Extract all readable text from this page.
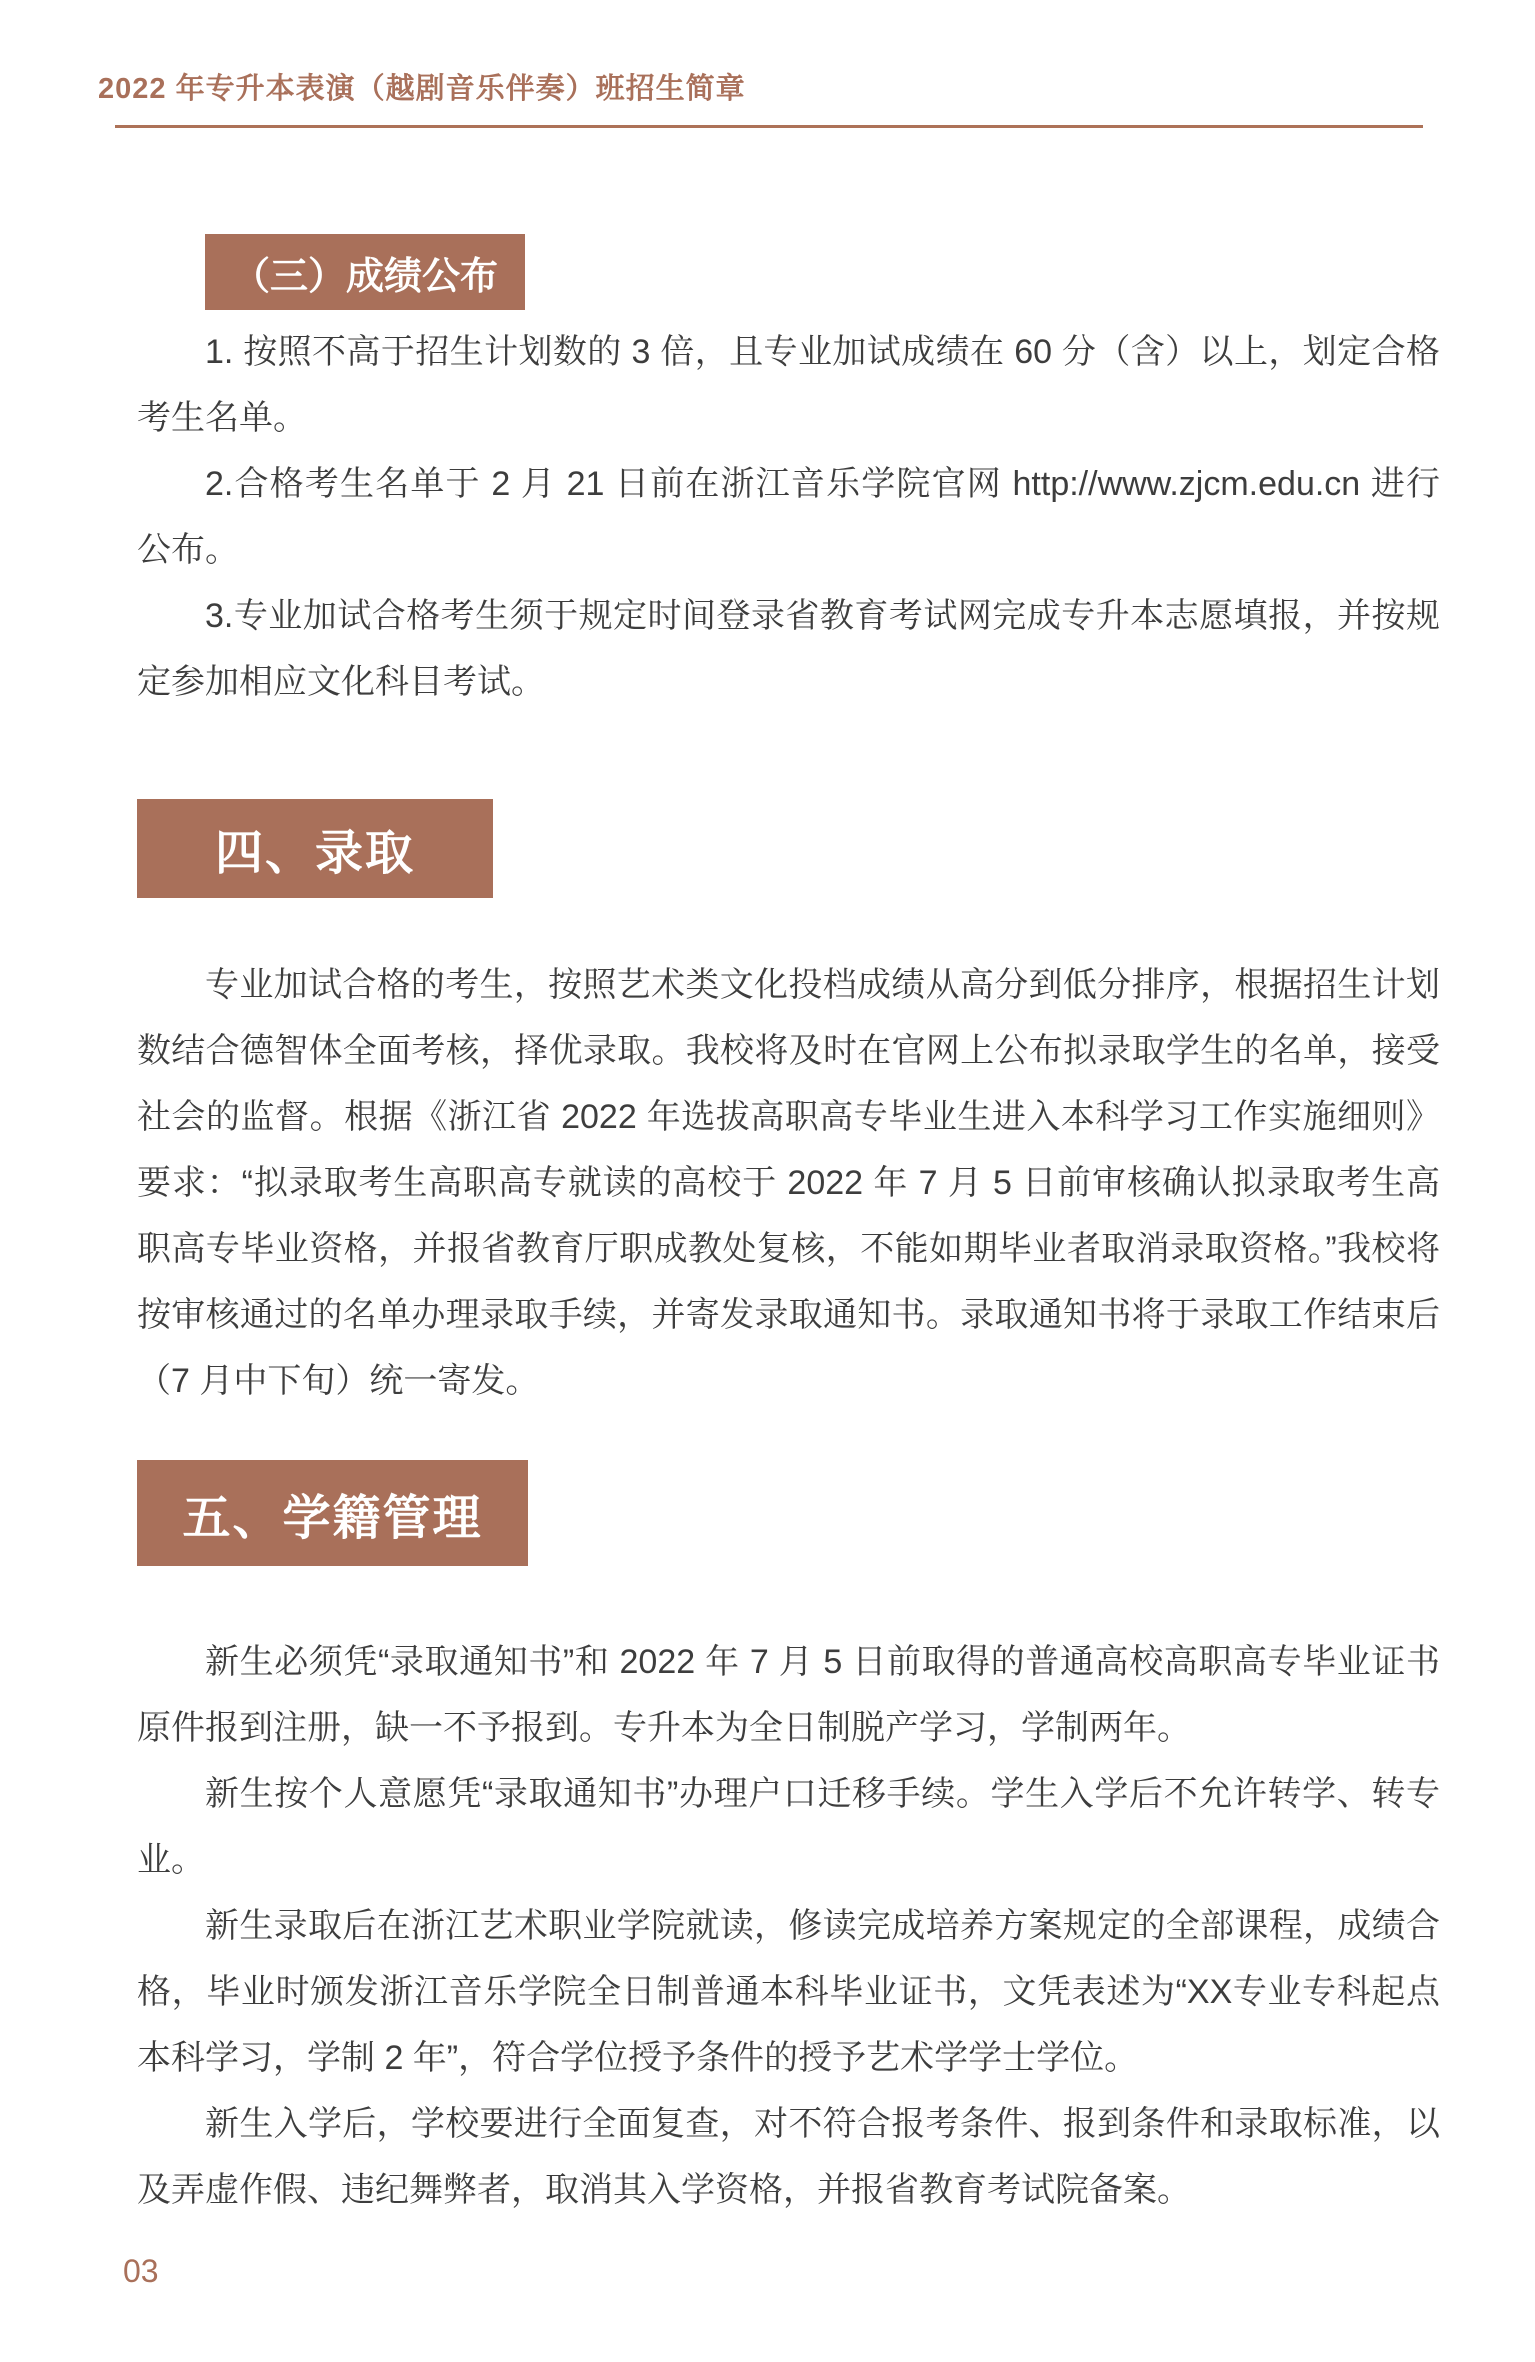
2022 年专升本表演（越剧音乐伴奏）班招生简章
（三）成绩公布

1. 按照不高于招生计划数的 3 倍，且专业加试成绩在 60 分（含）以上，划定合格考生名单。

2.合格考生名单于 2 月 21 日前在浙江音乐学院官网 http://www.zjcm.edu.cn 进行公布。

3.专业加试合格考生须于规定时间登录省教育考试网完成专升本志愿填报，并按规定参加相应文化科目考试。

四、录取

专业加试合格的考生，按照艺术类文化投档成绩从高分到低分排序，根据招生计划数结合德智体全面考核，择优录取。我校将及时在官网上公布拟录取学生的名单，接受社会的监督。根据《浙江省 2022 年选拔高职高专毕业生进入本科学习工作实施细则》要求：“拟录取考生高职高专就读的高校于 2022 年 7 月 5 日前审核确认拟录取考生高职高专毕业资格，并报省教育厅职成教处复核，不能如期毕业者取消录取资格。”我校将按审核通过的名单办理录取手续，并寄发录取通知书。录取通知书将于录取工作结束后（7 月中下旬）统一寄发。

五、学籍管理

新生必须凭“录取通知书”和 2022 年 7 月 5 日前取得的普通高校高职高专毕业证书原件报到注册，缺一不予报到。专升本为全日制脱产学习，学制两年。

新生按个人意愿凭“录取通知书”办理户口迁移手续。学生入学后不允许转学、转专业。

新生录取后在浙江艺术职业学院就读，修读完成培养方案规定的全部课程，成绩合格，毕业时颁发浙江音乐学院全日制普通本科毕业证书，文凭表述为“XX专业专科起点本科学习，学制 2 年”，符合学位授予条件的授予艺术学学士学位。

新生入学后，学校要进行全面复查，对不符合报考条件、报到条件和录取标准，以及弄虚作假、违纪舞弊者，取消其入学资格，并报省教育考试院备案。

03
